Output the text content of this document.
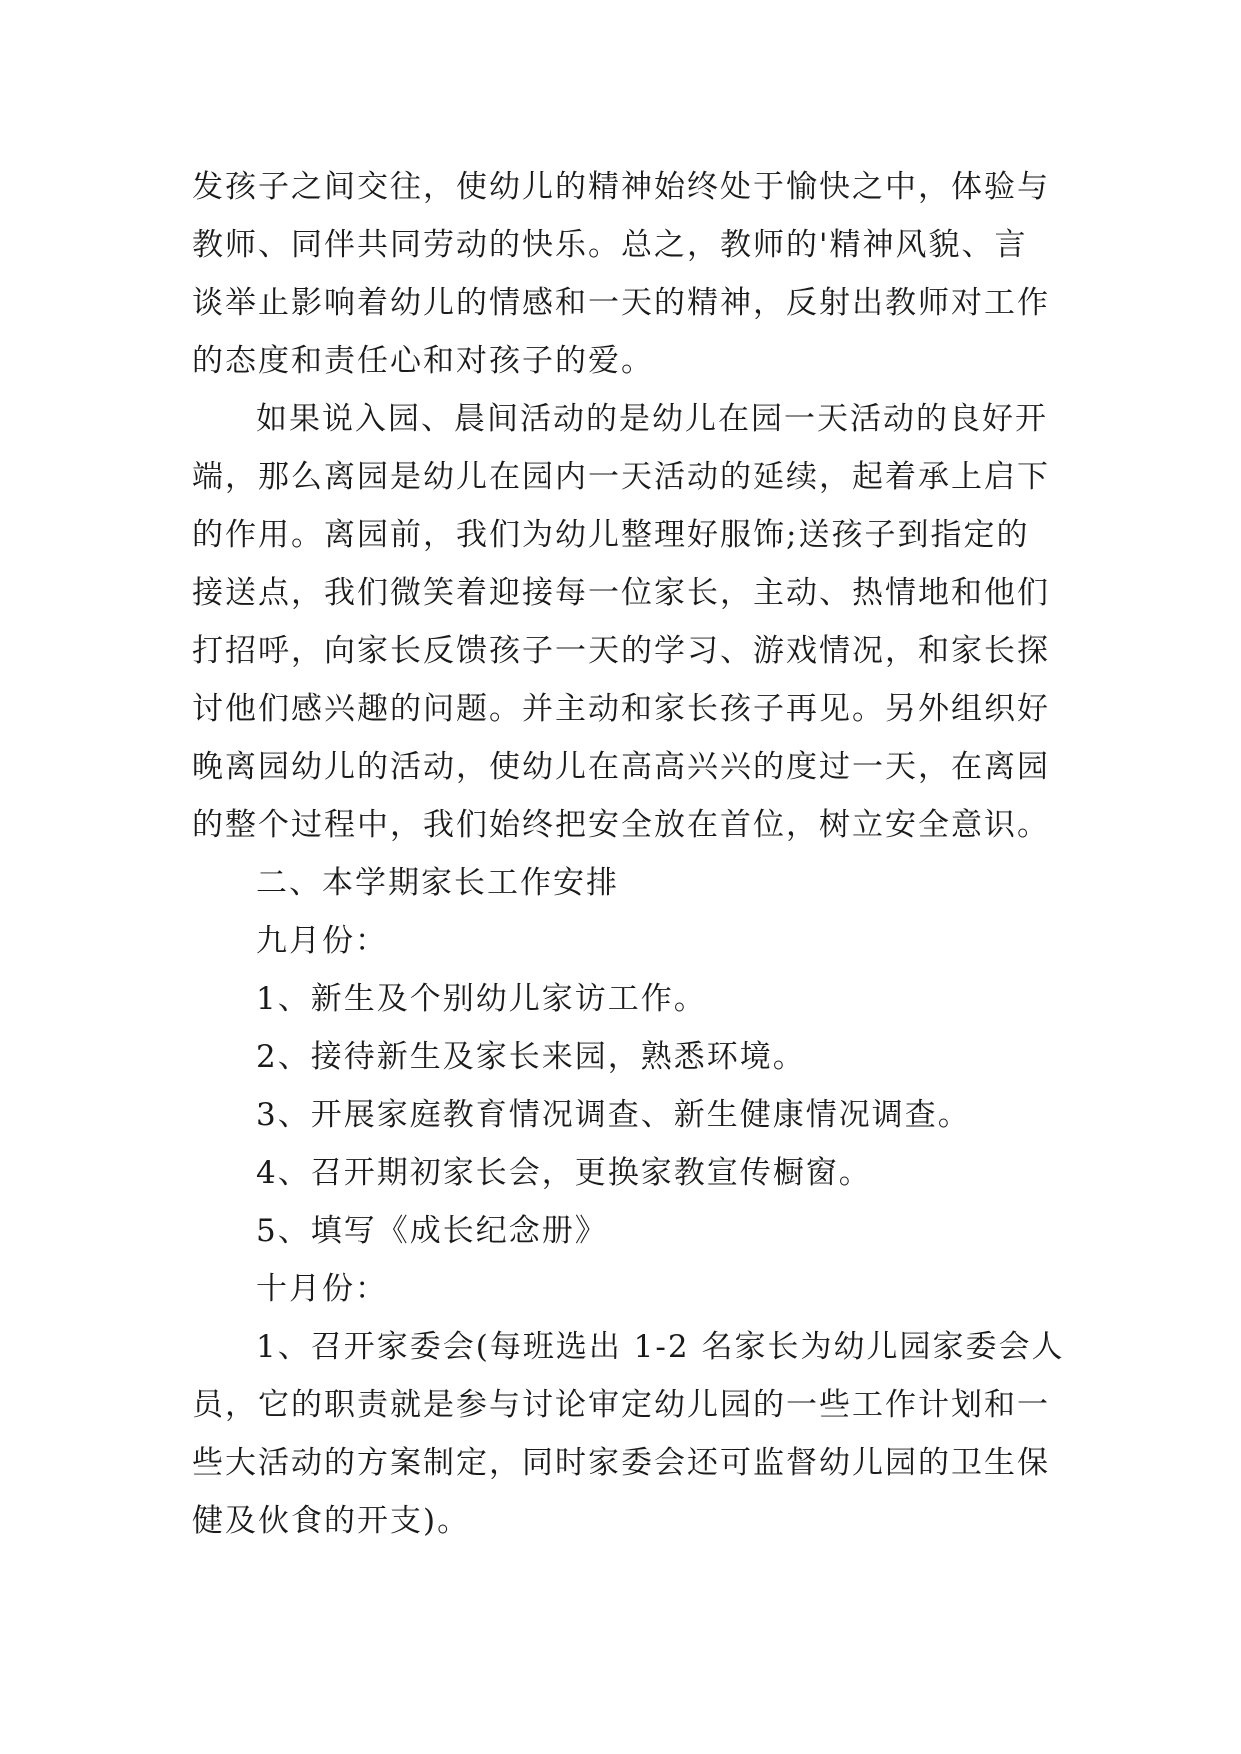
发孩子之间交往，使幼儿的精神始终处于愉快之中，体验与
教师、同伴共同劳动的快乐。总之，教师的'精神风貌、言
谈举止影响着幼儿的情感和一天的精神，反射出教师对工作
的态度和责任心和对孩子的爱。
如果说入园、晨间活动的是幼儿在园一天活动的良好开
端，那么离园是幼儿在园内一天活动的延续，起着承上启下
的作用。离园前，我们为幼儿整理好服饰;送孩子到指定的
接送点，我们微笑着迎接每一位家长，主动、热情地和他们
打招呼，向家长反馈孩子一天的学习、游戏情况，和家长探
讨他们感兴趣的问题。并主动和家长孩子再见。另外组织好
晚离园幼儿的活动，使幼儿在高高兴兴的度过一天，在离园
的整个过程中，我们始终把安全放在首位，树立安全意识。
二、本学期家长工作安排
九月份：
1、新生及个别幼儿家访工作。
2、接待新生及家长来园，熟悉环境。
3、开展家庭教育情况调查、新生健康情况调查。
4、召开期初家长会，更换家教宣传橱窗。
5、填写《成长纪念册》
十月份：
1、召开家委会(每班选出 1-2 名家长为幼儿园家委会人
员，它的职责就是参与讨论审定幼儿园的一些工作计划和一
些大活动的方案制定，同时家委会还可监督幼儿园的卫生保
健及伙食的开支)。
